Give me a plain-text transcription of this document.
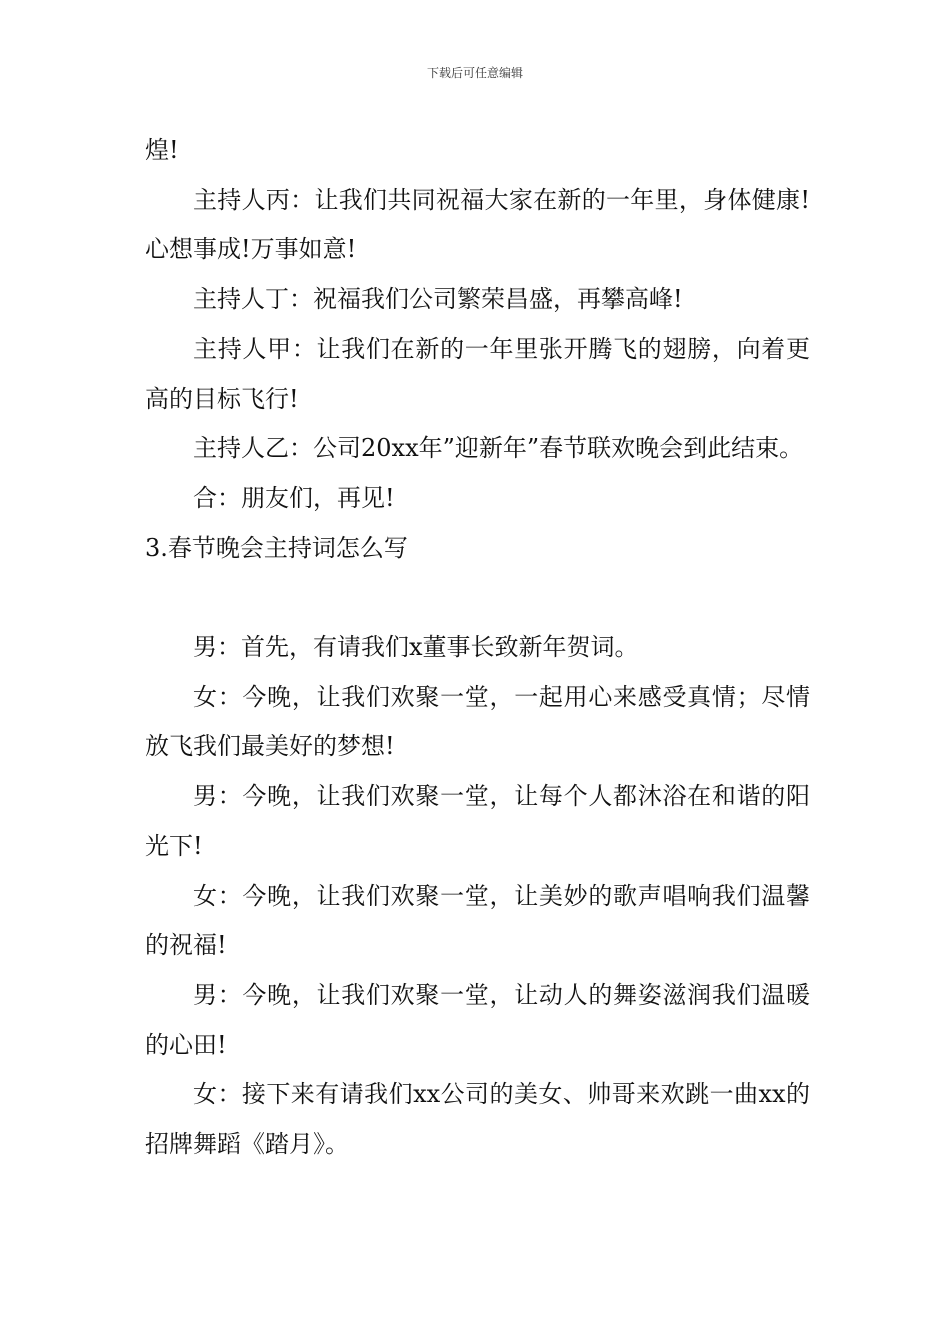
下载后可任意编辑

煌!

主持人丙：让我们共同祝福大家在新的一年里，身体健康!心想事成!万事如意!

主持人丁：祝福我们公司繁荣昌盛，再攀高峰!

主持人甲：让我们在新的一年里张开腾飞的翅膀，向着更高的目标飞行!

主持人乙：公司20xx年”迎新年”春节联欢晚会到此结束。

合：朋友们，再见!

3.春节晚会主持词怎么写

男：首先，有请我们x董事长致新年贺词。

女：今晚，让我们欢聚一堂，一起用心来感受真情；尽情放飞我们最美好的梦想!

男：今晚，让我们欢聚一堂，让每个人都沐浴在和谐的阳光下!

女：今晚，让我们欢聚一堂，让美妙的歌声唱响我们温馨的祝福!

男：今晚，让我们欢聚一堂，让动人的舞姿滋润我们温暖的心田!

女：接下来有请我们xx公司的美女、帅哥来欢跳一曲xx的招牌舞蹈《踏月》。
